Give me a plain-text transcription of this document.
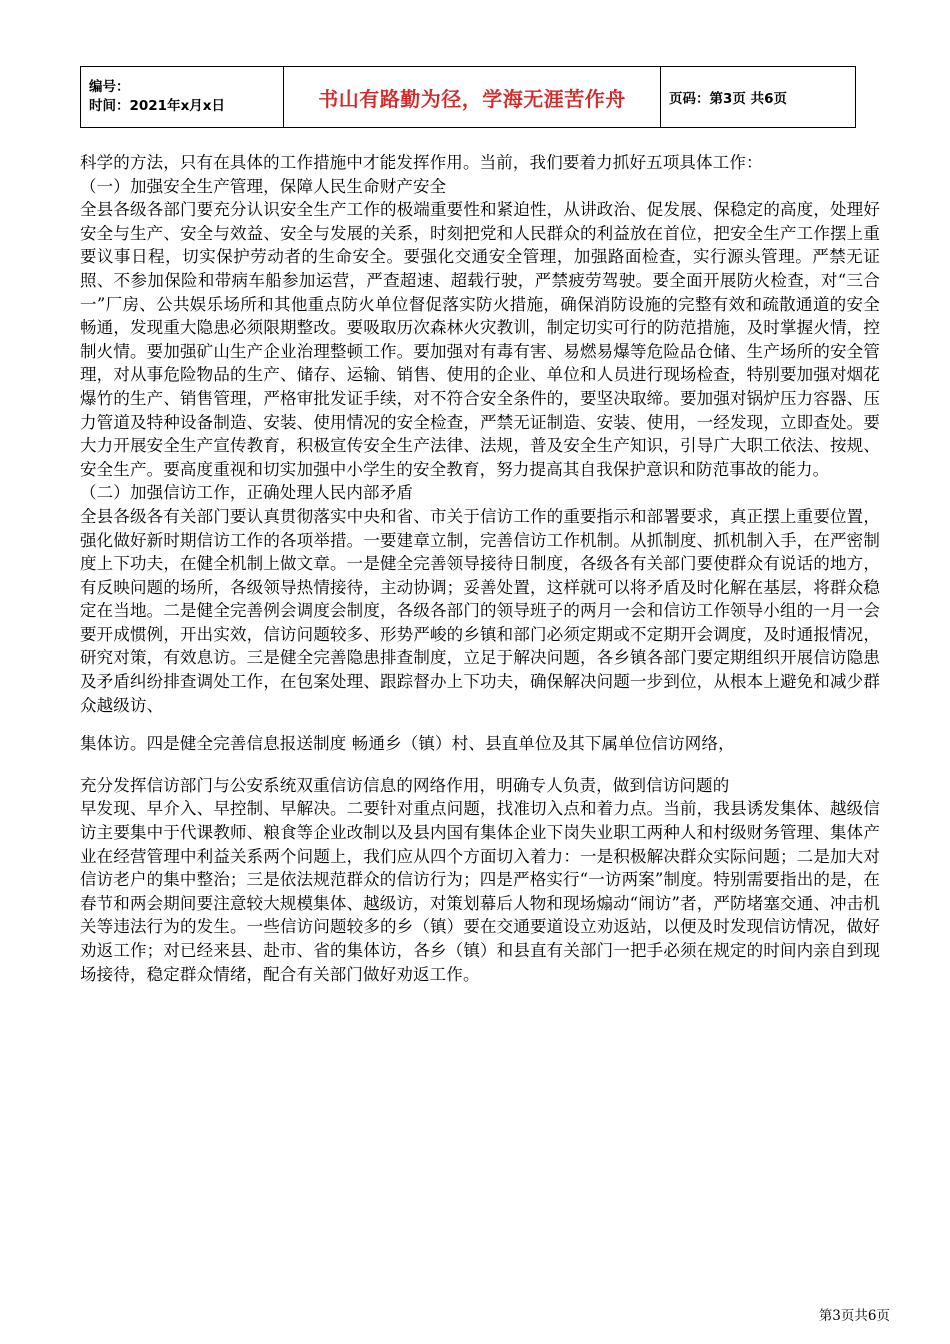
编号：
时间：2021年x月x日	书山有路勤为径，学海无涯苦作舟	页码：第3页 共6页

科学的方法，只有在具体的工作措施中才能发挥作用。当前，我们要着力抓好五项具体工作：

（一）加强安全生产管理，保障人民生命财产安全

全县各级各部门要充分认识安全生产工作的极端重要性和紧迫性，从讲政治、促发展、保稳定的高度，处理好安全与生产、安全与效益、安全与发展的关系，时刻把党和人民群众的利益放在首位，把安全生产工作摆上重要议事日程，切实保护劳动者的生命安全。要强化交通安全管理，加强路面检查，实行源头管理。严禁无证照、不参加保险和带病车船参加运营，严查超速、超载行驶，严禁疲劳驾驶。要全面开展防火检查，对“三合一”厂房、公共娱乐场所和其他重点防火单位督促落实防火措施，确保消防设施的完整有效和疏散通道的安全畅通，发现重大隐患必须限期整改。要吸取历次森林火灾教训，制定切实可行的防范措施，及时掌握火情，控制火情。要加强矿山生产企业治理整顿工作。要加强对有毒有害、易燃易爆等危险品仓储、生产场所的安全管理，对从事危险物品的生产、储存、运输、销售、使用的企业、单位和人员进行现场检查，特别要加强对烟花爆竹的生产、销售管理，严格审批发证手续，对不符合安全条件的，要坚决取缔。要加强对锅炉压力容器、压力管道及特种设备制造、安装、使用情况的安全检查，严禁无证制造、安装、使用，一经发现，立即查处。要大力开展安全生产宣传教育，积极宣传安全生产法律、法规，普及安全生产知识，引导广大职工依法、按规、安全生产。要高度重视和切实加强中小学生的安全教育，努力提高其自我保护意识和防范事故的能力。

（二）加强信访工作，正确处理人民内部矛盾

全县各级各有关部门要认真贯彻落实中央和省、市关于信访工作的重要指示和部署要求，真正摆上重要位置，强化做好新时期信访工作的各项举措。一要建章立制，完善信访工作机制。从抓制度、抓机制入手，在严密制度上下功夫，在健全机制上做文章。一是健全完善领导接待日制度，各级各有关部门要使群众有说话的地方，有反映问题的场所，各级领导热情接待，主动协调；妥善处置，这样就可以将矛盾及时化解在基层，将群众稳定在当地。二是健全完善例会调度会制度，各级各部门的领导班子的两月一会和信访工作领导小组的一月一会要开成惯例，开出实效，信访问题较多、形势严峻的乡镇和部门必须定期或不定期开会调度，及时通报情况，研究对策，有效息访。三是健全完善隐患排查制度，立足于解决问题，各乡镇各部门要定期组织开展信访隐患及矛盾纠纷排查调处工作，在包案处理、跟踪督办上下功夫，确保解决问题一步到位，从根本上避免和减少群众越级访、

集体访。四是健全完善信息报送制度 畅通乡（镇）村、县直单位及其下属单位信访网络，

充分发挥信访部门与公安系统双重信访信息的网络作用，明确专人负责，做到信访问题的

早发现、早介入、早控制、早解决。二要针对重点问题，找准切入点和着力点。当前，我县诱发集体、越级信访主要集中于代课教师、粮食等企业改制以及县内国有集体企业下岗失业职工两种人和村级财务管理、集体产业在经营管理中利益关系两个问题上，我们应从四个方面切入着力：一是积极解决群众实际问题；二是加大对信访老户的集中整治；三是依法规范群众的信访行为；四是严格实行“一访两案”制度。特别需要指出的是，在春节和两会期间要注意较大规模集体、越级访，对策划幕后人物和现场煽动“闹访”者，严防堵塞交通、冲击机关等违法行为的发生。一些信访问题较多的乡（镇）要在交通要道设立劝返站，以便及时发现信访情况，做好劝返工作；对已经来县、赴市、省的集体访，各乡（镇）和县直有关部门一把手必须在规定的时间内亲自到现场接待，稳定群众情绪，配合有关部门做好劝返工作。

第3页共6页
